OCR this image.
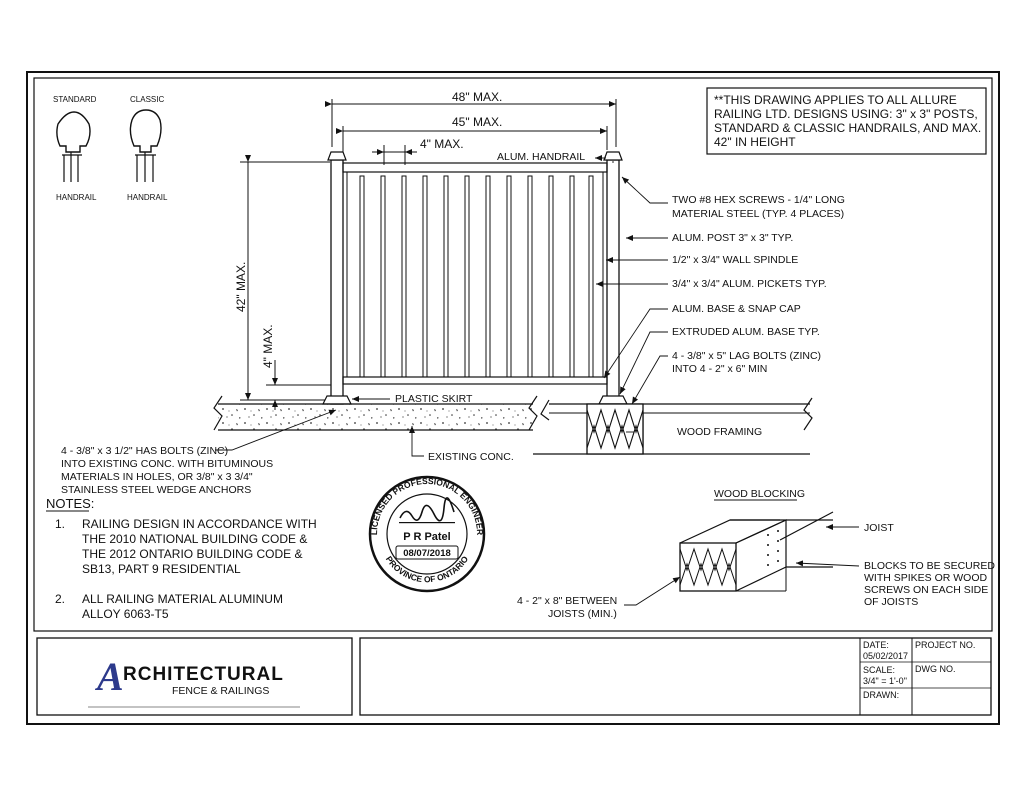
STANDARD	CLASSIC
HANDRAIL	HANDRAIL
48" MAX.
45" MAX.
4" MAX.
42" MAX.
4" MAX.
ALUM. HANDRAIL
TWO #8 HEX SCREWS - 1/4" LONG
MATERIAL STEEL (TYP. 4 PLACES)
ALUM. POST 3" x 3" TYP.
1/2" x 3/4" WALL SPINDLE
3/4" x 3/4" ALUM. PICKETS TYP.
ALUM. BASE & SNAP CAP
EXTRUDED ALUM. BASE TYP.
4 - 3/8" x 5" LAG BOLTS (ZINC)
INTO 4 - 2" x 6" MIN
PLASTIC SKIRT
WOOD FRAMING
EXISTING CONC.
4 - 3/8" x 3 1/2" HAS BOLTS (ZINC)
INTO EXISTING CONC. WITH BITUMINOUS
MATERIALS IN HOLES, OR 3/8" x 3 3/4"
STAINLESS STEEL WEDGE ANCHORS
**THIS DRAWING APPLIES TO ALL ALLURE
RAILING LTD. DESIGNS USING: 3" x 3" POSTS,
STANDARD & CLASSIC HANDRAILS, AND MAX.
42" IN HEIGHT
NOTES:
1. RAILING DESIGN IN ACCORDANCE WITH
THE 2010 NATIONAL BUILDING CODE &
THE 2012 ONTARIO BUILDING CODE &
SB13, PART 9 RESIDENTIAL
2. ALL RAILING MATERIAL ALUMINUM
ALLOY 6063-T5
LICENSED PROFESSIONAL ENGINEER
PROVINCE OF ONTARIO
P R Patel
08/07/2018
WOOD BLOCKING
JOIST
BLOCKS TO BE SECURED
WITH SPIKES OR WOOD
SCREWS ON EACH SIDE
OF JOISTS
4 - 2" x 8" BETWEEN
JOISTS (MIN.)
A RCHITECTURAL
FENCE & RAILINGS
DATE:
05/02/2017
SCALE:
3/4" = 1'-0"
DRAWN:
PROJECT NO.
DWG NO.
